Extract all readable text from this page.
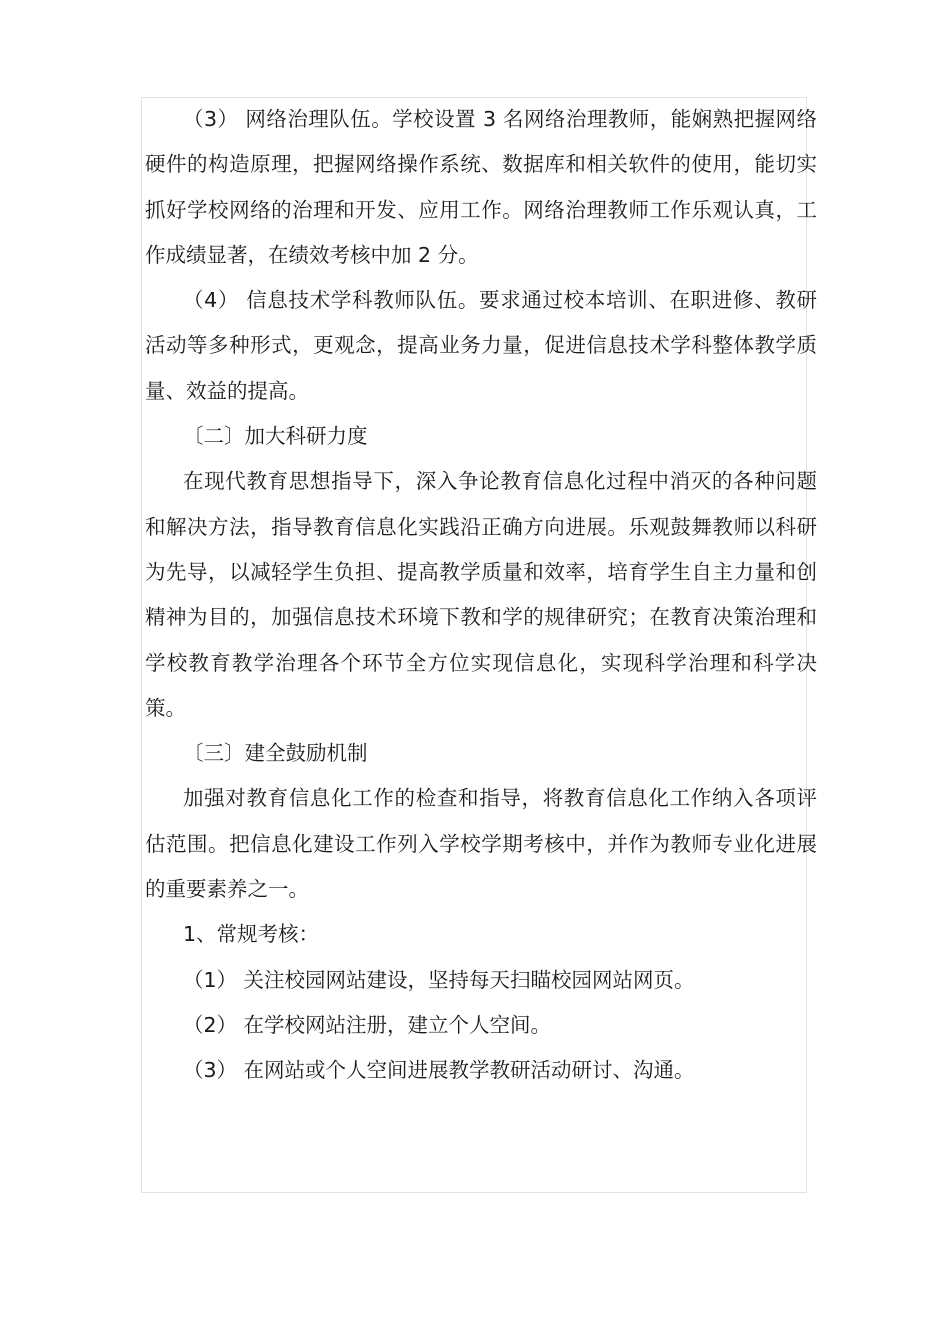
（3） 网络治理队伍。学校设置 3 名网络治理教师，能娴熟把握网络硬件的构造原理，把握网络操作系统、数据库和相关软件的使用，能切实抓好学校网络的治理和开发、应用工作。网络治理教师工作乐观认真，工作成绩显著，在绩效考核中加 2 分。

（4） 信息技术学科教师队伍。要求通过校本培训、在职进修、教研活动等多种形式，更观念，提高业务力量，促进信息技术学科整体教学质量、效益的提高。

〔二〕加大科研力度

在现代教育思想指导下，深入争论教育信息化过程中消灭的各种问题和解决方法，指导教育信息化实践沿正确方向进展。乐观鼓舞教师以科研为先导，以减轻学生负担、提高教学质量和效率，培育学生自主力量和创精神为目的，加强信息技术环境下教和学的规律研究；在教育决策治理和学校教育教学治理各个环节全方位实现信息化，实现科学治理和科学决策。

〔三〕建全鼓励机制

加强对教育信息化工作的检查和指导，将教育信息化工作纳入各项评估范围。把信息化建设工作列入学校学期考核中，并作为教师专业化进展的重要素养之一。

1、常规考核：

（1） 关注校园网站建设，坚持每天扫瞄校园网站网页。

（2） 在学校网站注册，建立个人空间。

（3） 在网站或个人空间进展教学教研活动研讨、沟通。
